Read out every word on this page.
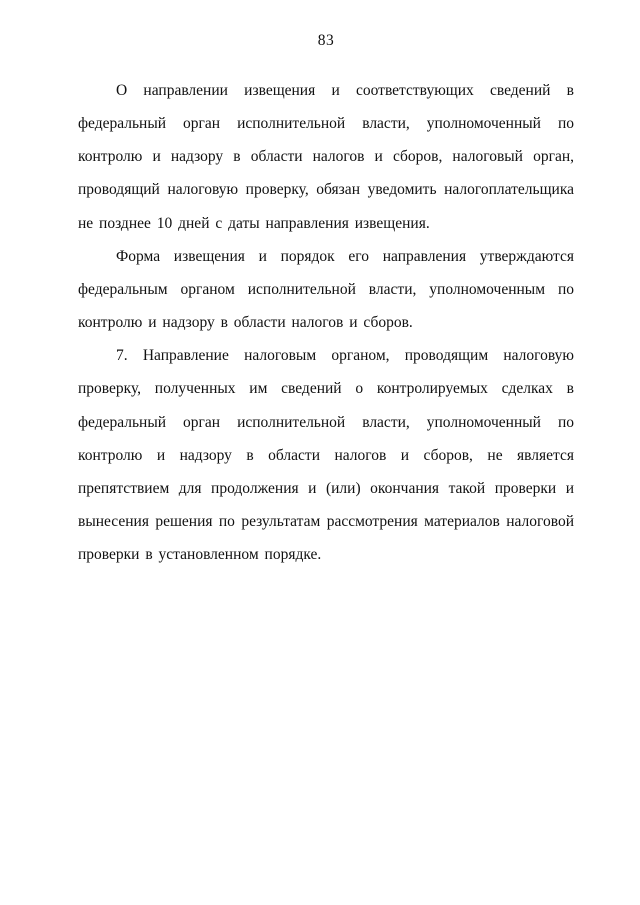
83

О направлении извещения и соответствующих сведений в федеральный орган исполнительной власти, уполномоченный по контролю и надзору в области налогов и сборов, налоговый орган, проводящий налоговую проверку, обязан уведомить налогоплательщика не позднее 10 дней с даты направления извещения.

Форма извещения и порядок его направления утверждаются федеральным органом исполнительной власти, уполномоченным по контролю и надзору в области налогов и сборов.

7. Направление налоговым органом, проводящим налоговую проверку, полученных им сведений о контролируемых сделках в федеральный орган исполнительной власти, уполномоченный по контролю и надзору в области налогов и сборов, не является препятствием для продолжения и (или) окончания такой проверки и вынесения решения по результатам рассмотрения материалов налоговой проверки в установленном порядке.
